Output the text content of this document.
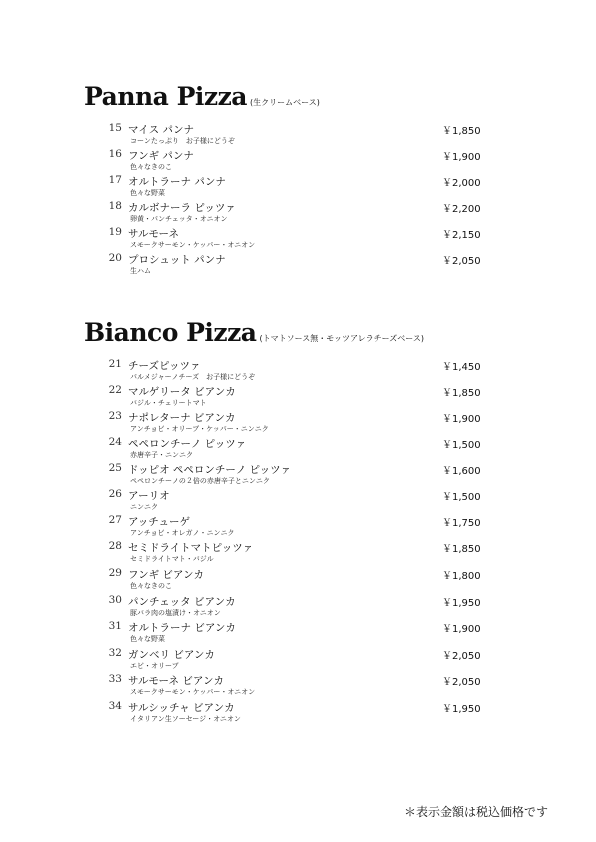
Panna Pizza (生クリームベース)
15 マイス パンナ
コーンたっぷり　お子様にどうぞ
￥1,850
16 フンギ パンナ
色々なきのこ
￥1,900
17 オルトラーナ パンナ
色々な野菜
￥2,000
18 カルボナーラ ピッツァ
卵黄・パンチェッタ・オニオン
￥2,200
19 サルモーネ
スモークサーモン・ケッパー・オニオン
￥2,150
20 プロシュット パンナ
生ハム
￥2,050
Bianco Pizza (トマトソース無・モッツアレラチーズベース)
21 チーズピッツァ
パルメジャーノチーズ　お子様にどうぞ
￥1,450
22 マルゲリータ ビアンカ
バジル・チェリートマト
￥1,850
23 ナポレターナ ビアンカ
アンチョビ・オリーブ・ケッパー・ニンニク
￥1,900
24 ペペロンチーノ ピッツァ
赤唐辛子・ニンニク
￥1,500
25 ドッピオ ペペロンチーノ ピッツァ
ペペロンチーノの２倍の赤唐辛子とニンニク
￥1,600
26 アーリオ
ニンニク
￥1,500
27 アッチューゲ
アンチョビ・オレガノ・ニンニク
￥1,750
28 セミドライトマトピッツァ
セミドライトマト・バジル
￥1,850
29 フンギ ビアンカ
色々なきのこ
￥1,800
30 パンチェッタ ビアンカ
豚バラ肉の塩漬け・オニオン
￥1,950
31 オルトラーナ ビアンカ
色々な野菜
￥1,900
32 ガンベリ ビアンカ
エビ・オリーブ
￥2,050
33 サルモーネ ビアンカ
スモークサーモン・ケッパー・オニオン
￥2,050
34 サルシッチャ ビアンカ
イタリアン生ソーセージ・オニオン
￥1,950
＊表示金額は税込価格です
